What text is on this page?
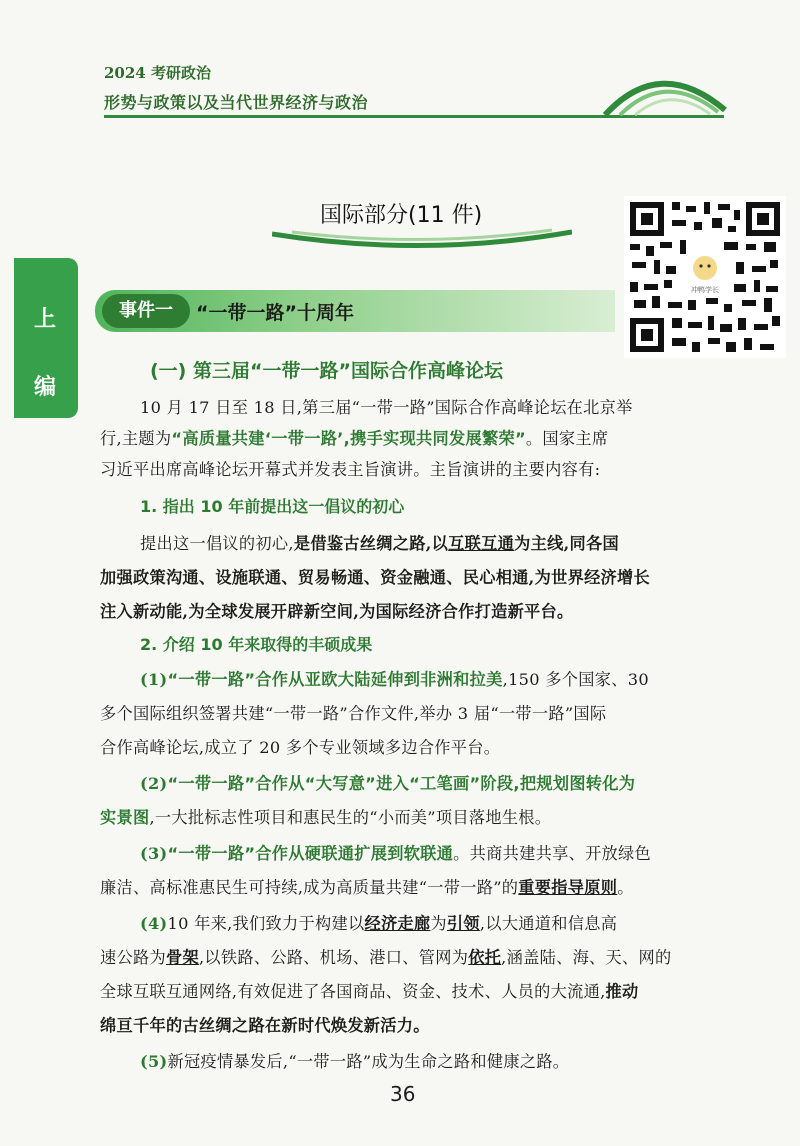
2024 考研政治
形势与政策以及当代世界经济与政治
国际部分(11 件)
上
编
事件一	“一带一路”十周年
冲鸭学长
(一) 第三届“一带一路”国际合作高峰论坛
10 月 17 日至 18 日,第三届“一带一路”国际合作高峰论坛在北京举
行,主题为“高质量共建‘一带一路’,携手实现共同发展繁荣”。国家主席
习近平出席高峰论坛开幕式并发表主旨演讲。主旨演讲的主要内容有:
1. 指出 10 年前提出这一倡议的初心
提出这一倡议的初心,是借鉴古丝绸之路,以互联互通为主线,同各国
加强政策沟通、设施联通、贸易畅通、资金融通、民心相通,为世界经济增长
注入新动能,为全球发展开辟新空间,为国际经济合作打造新平台。
2. 介绍 10 年来取得的丰硕成果
(1)“一带一路”合作从亚欧大陆延伸到非洲和拉美,150 多个国家、30
多个国际组织签署共建“一带一路”合作文件,举办 3 届“一带一路”国际
合作高峰论坛,成立了 20 多个专业领域多边合作平台。
(2)“一带一路”合作从“大写意”进入“工笔画”阶段,把规划图转化为
实景图,一大批标志性项目和惠民生的“小而美”项目落地生根。
(3)“一带一路”合作从硬联通扩展到软联通。共商共建共享、开放绿色
廉洁、高标准惠民生可持续,成为高质量共建“一带一路”的重要指导原则。
(4)10 年来,我们致力于构建以经济走廊为引领,以大通道和信息高
速公路为骨架,以铁路、公路、机场、港口、管网为依托,涵盖陆、海、天、网的
全球互联互通网络,有效促进了各国商品、资金、技术、人员的大流通,推动
绵亘千年的古丝绸之路在新时代焕发新活力。
(5)新冠疫情暴发后,“一带一路”成为生命之路和健康之路。
36
